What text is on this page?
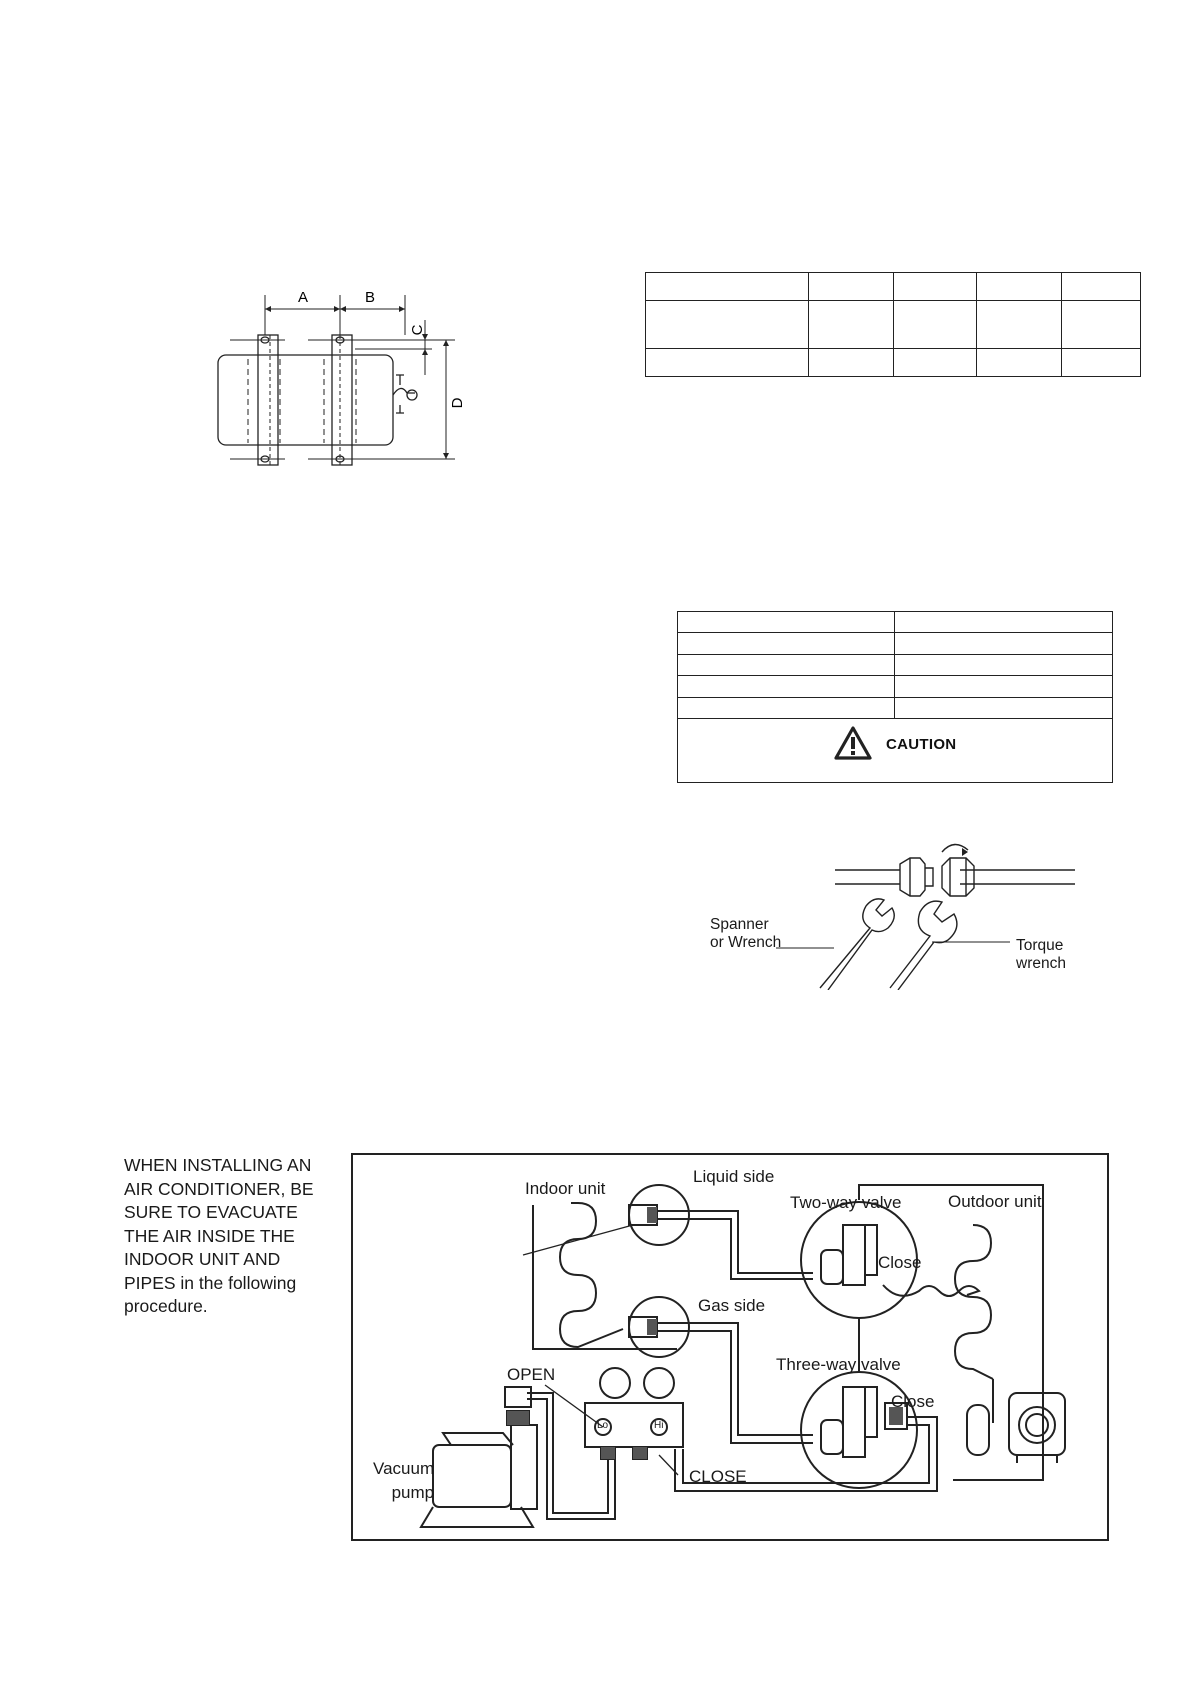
A	B
C
D

CAUTION	
Spanner
or Wrench	Torque
wrench
WHEN INSTALLING AN
AIR CONDITIONER, BE
SURE TO EVACUATE
THE AIR INSIDE THE
INDOOR UNIT AND
PIPES in the following
procedure.
Indoor unit
Liquid side
Two-way valve	Outdoor unit
Close
Gas side
Three-way valve
OPEN
Close
Lo	Hi
CLOSE
Vacuum
pump
